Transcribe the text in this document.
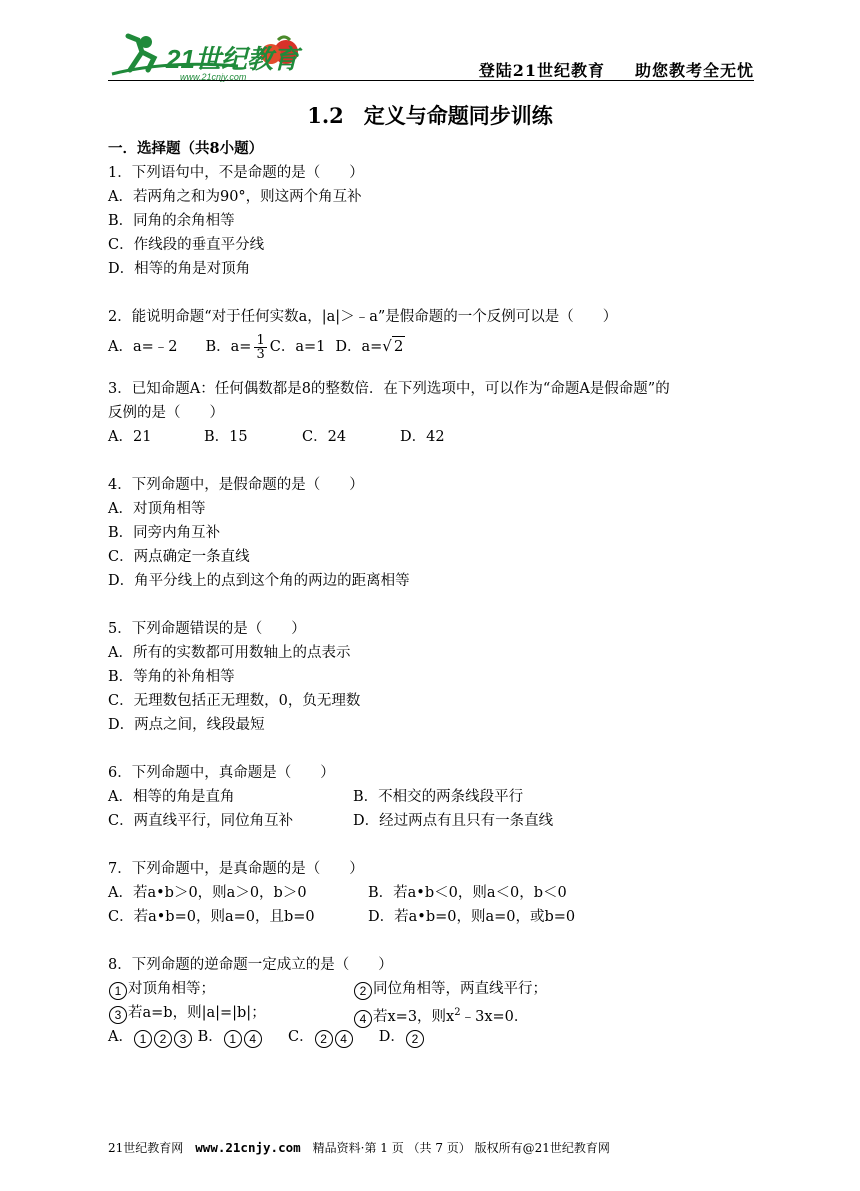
21世纪教育
www.21cnjy.com	登陆21世纪教育 助您教考全无忧
1.2 定义与命题同步训练
一．选择题（共8小题）
1．下列语句中，不是命题的是（　　）
A．若两角之和为90°，则这两个角互补
B．同角的余角相等
C．作线段的垂直平分线
D．相等的角是对顶角
2．能说明命题“对于任何实数a，|a|＞﹣a”是假命题的一个反例可以是（　　）
A．a=﹣2 B．$a= \frac{1}{3}$ C．a=1 D．a=√ 2
3．已知命题A：任何偶数都是8的整数倍．在下列选项中，可以作为“命题A是假命题”的
反例的是（　　）
A．21	B．15	C．24	D．42
4．下列命题中，是假命题的是（　　）
A．对顶角相等
B．同旁内角互补
C．两点确定一条直线
D．角平分线上的点到这个角的两边的距离相等
5．下列命题错误的是（　　）
A．所有的实数都可用数轴上的点表示
B．等角的补角相等
C．无理数包括正无理数，0，负无理数
D．两点之间，线段最短
6．下列命题中，真命题是（　　）
A．相等的角是直角	B．不相交的两条线段平行
C．两直线平行，同位角互补	D．经过两点有且只有一条直线
7．下列命题中，是真命题的是（　　）
A．若a•b＞0，则a＞0，b＞0	B．若a•b＜0，则a＜0，b＜0
C．若a•b=0，则a=0，且b=0	D．若a•b=0，则a=0，或b=0
8．下列命题的逆命题一定成立的是（　　）
1 对顶角相等；	2 同位角相等，两直线平行；
3 若a=b，则|a|=|b|；	4 若x=3，则$x^2﹣3x=0$．
A． 1 2 3 B． 1 4 C． 2 4 D． 2
21世纪教育网 www.21cnjy.com 精品资料·第 1 页 （共 7 页） 版权所有@21世纪教育网
